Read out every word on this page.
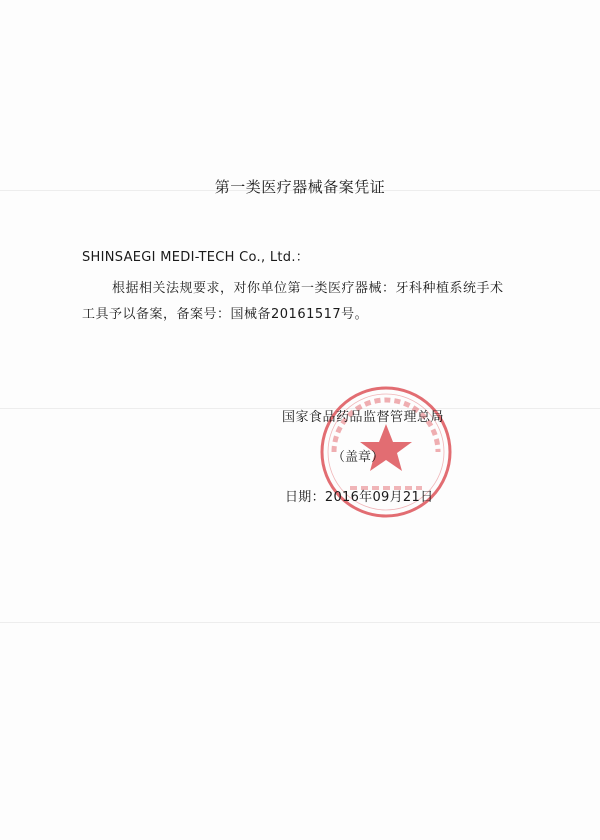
第一类医疗器械备案凭证
SHINSAEGI MEDI-TECH Co., Ltd.：
根据相关法规要求，对你单位第一类医疗器械：牙科种植系统手术
工具予以备案，备案号：国械备20161517号。
国家食品药品监督管理总局
（盖章）
日期：2016年09月21日
